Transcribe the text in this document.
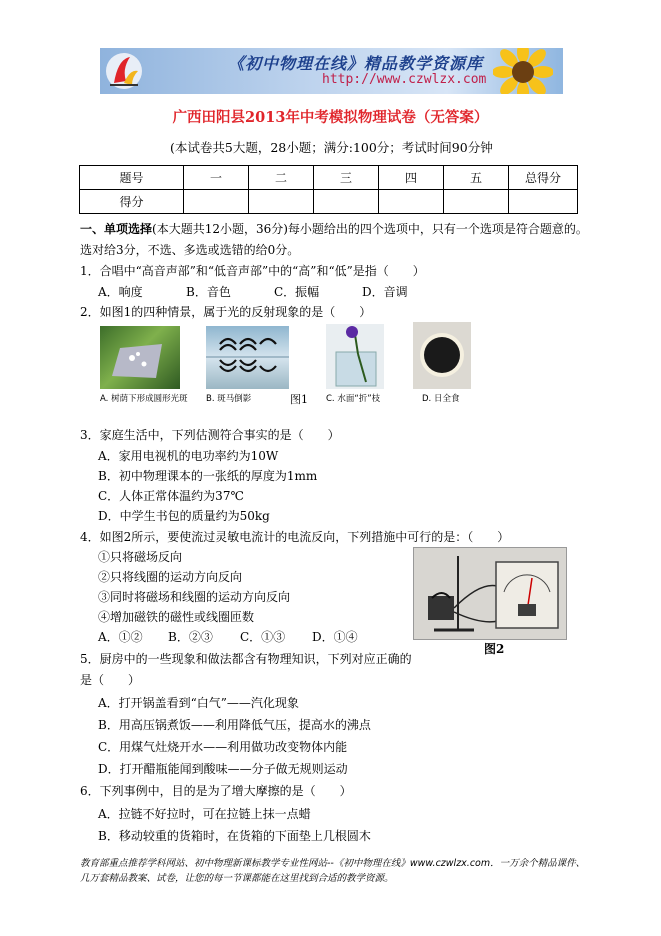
《初中物理在线》精品教学资源库
http://www.czwlzx.com
广西田阳县2013年中考模拟物理试卷（无答案）
(本试卷共5大题，28小题；满分:100分；考试时间90分钟
题号	一	二	三	四	五	总得分
得分						
一、单项选择(本大题共12小题，36分)每小题给出的四个选项中，只有一个选项是符合题意的。
选对给3分，不选、多选或选错的给0分。
1．合唱中“高音声部”和“低音声部”中的“高”和“低”是指（　　）
A．响度	B．音色	C．振幅	D．音调
2．如图1的四种情景，属于光的反射现象的是（　　）
A. 树荫下形成圆形光斑 B. 斑马倒影	图1 C. 水面“折”枝	D. 日全食
3．家庭生活中，下列估测符合事实的是（　　）
A．家用电视机的电功率约为10W
B．初中物理课本的一张纸的厚度为1mm
C．人体正常体温约为37℃
D．中学生书包的质量约为50kg
4．如图2所示，要使流过灵敏电流计的电流反向，下列措施中可行的是：（　　）
①只将磁场反向
②只将线圈的运动方向反向
③同时将磁场和线圈的运动方向反向
④增加磁铁的磁性或线圈匝数
A．①② B．②③ C．①③ D．①④
图2
5．厨房中的一些现象和做法都含有物理知识，下列对应正确的
是（　　）
A．打开锅盖看到“白气”——汽化现象
B．用高压锅煮饭——利用降低气压，提高水的沸点
C．用煤气灶烧开水——利用做功改变物体内能
D．打开醋瓶能闻到酸味——分子做无规则运动
6．下列事例中，目的是为了增大摩擦的是（　　）
A．拉链不好拉时，可在拉链上抹一点蜡
B．移动较重的货箱时，在货箱的下面垫上几根圆木
教育部重点推荐学科网站、初中物理新课标教学专业性网站--《初中物理在线》www.czwlzx.com．一万余个精品课件、
几万套精品教案、试卷，让您的每一节课都能在这里找到合适的教学资源。
